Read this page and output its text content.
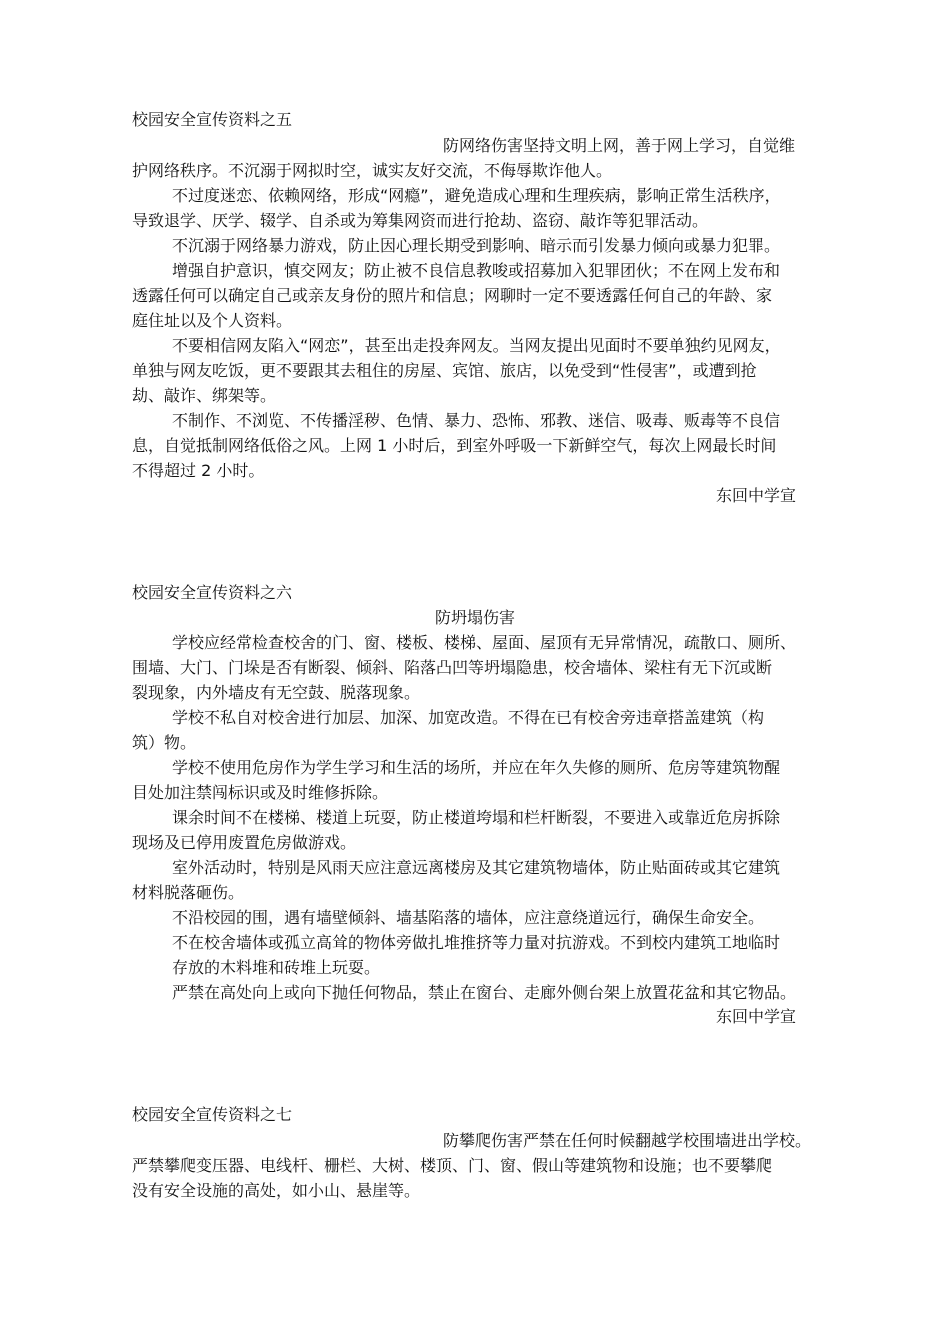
校园安全宣传资料之五
防网络伤害坚持文明上网，善于网上学习，自觉维
护网络秩序。不沉溺于网拟时空，诚实友好交流，不侮辱欺诈他人。
不过度迷恋、依赖网络，形成“网瘾”，避免造成心理和生理疾病，影响正常生活秩序，
导致退学、厌学、辍学、自杀或为筹集网资而进行抢劫、盗窃、敲诈等犯罪活动。
不沉溺于网络暴力游戏，防止因心理长期受到影响、暗示而引发暴力倾向或暴力犯罪。
增强自护意识，慎交网友；防止被不良信息教唆或招募加入犯罪团伙；不在网上发布和
透露任何可以确定自己或亲友身份的照片和信息；网聊时一定不要透露任何自己的年龄、家
庭住址以及个人资料。
不要相信网友陷入“网恋”，甚至出走投奔网友。当网友提出见面时不要单独约见网友，
单独与网友吃饭，更不要跟其去租住的房屋、宾馆、旅店，以免受到“性侵害”，或遭到抢
劫、敲诈、绑架等。
不制作、不浏览、不传播淫秽、色情、暴力、恐怖、邪教、迷信、吸毒、贩毒等不良信
息，自觉抵制网络低俗之风。上网 1 小时后，到室外呼吸一下新鲜空气，每次上网最长时间
不得超过 2 小时。
东回中学宣
校园安全宣传资料之六
防坍塌伤害
学校应经常检查校舍的门、窗、楼板、楼梯、屋面、屋顶有无异常情况，疏散口、厕所、
围墙、大门、门垛是否有断裂、倾斜、陷落凸凹等坍塌隐患，校舍墙体、梁柱有无下沉或断
裂现象，内外墙皮有无空鼓、脱落现象。
学校不私自对校舍进行加层、加深、加宽改造。不得在已有校舍旁违章搭盖建筑（构
筑）物。
学校不使用危房作为学生学习和生活的场所，并应在年久失修的厕所、危房等建筑物醒
目处加注禁闯标识或及时维修拆除。
课余时间不在楼梯、楼道上玩耍，防止楼道垮塌和栏杆断裂，不要进入或靠近危房拆除
现场及已停用废置危房做游戏。
室外活动时，特别是风雨天应注意远离楼房及其它建筑物墙体，防止贴面砖或其它建筑
材料脱落砸伤。
不沿校园的围，遇有墙壁倾斜、墙基陷落的墙体，应注意绕道远行，确保生命安全。
不在校舍墙体或孤立高耸的物体旁做扎堆推挤等力量对抗游戏。不到校内建筑工地临时
存放的木料堆和砖堆上玩耍。
严禁在高处向上或向下抛任何物品，禁止在窗台、走廊外侧台架上放置花盆和其它物品。
东回中学宣
校园安全宣传资料之七
防攀爬伤害严禁在任何时候翻越学校围墙进出学校。
严禁攀爬变压器、电线杆、栅栏、大树、楼顶、门、窗、假山等建筑物和设施；也不要攀爬
没有安全设施的高处，如小山、悬崖等。
